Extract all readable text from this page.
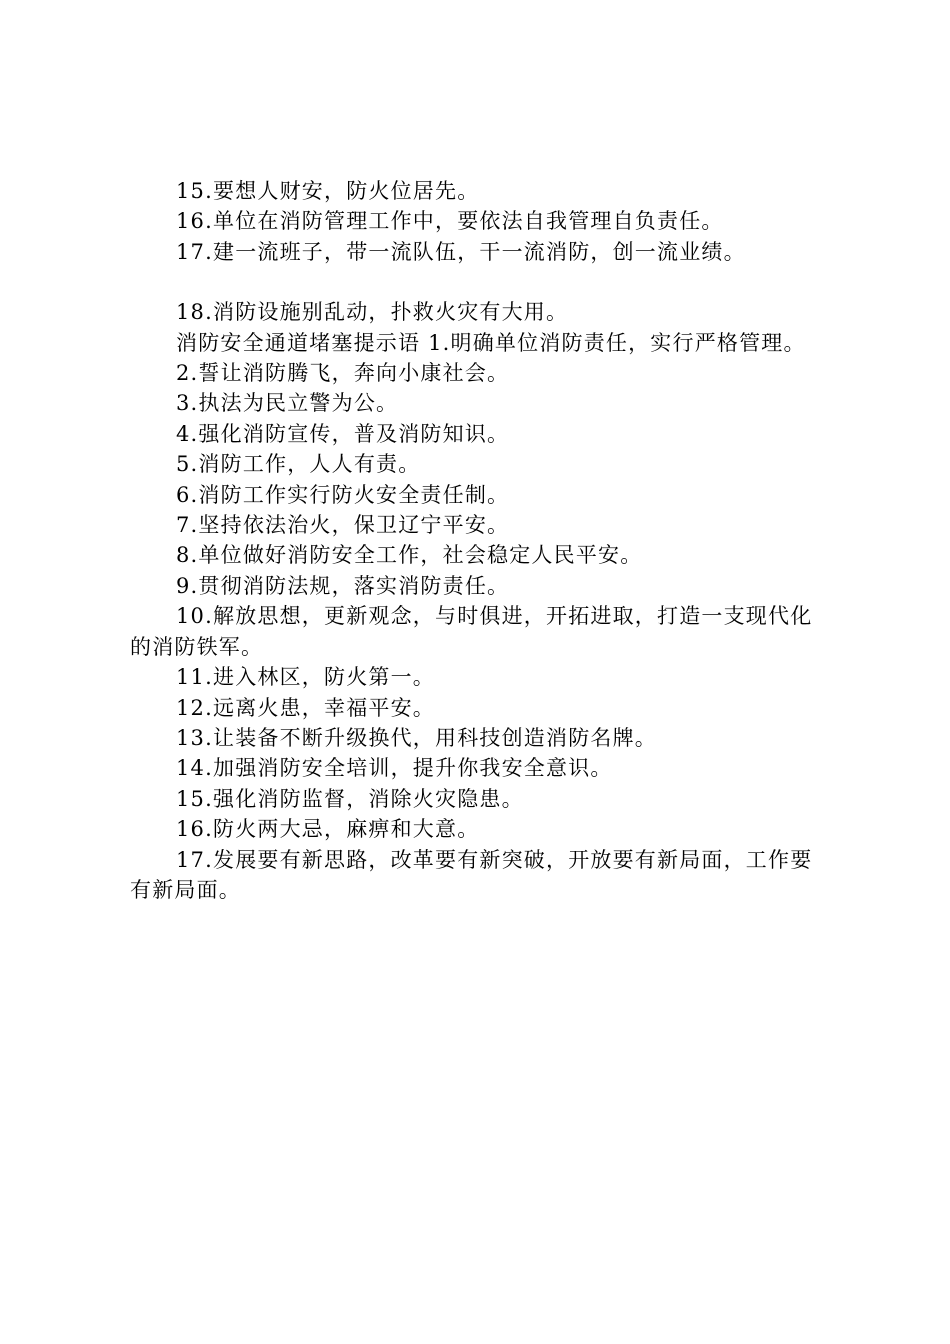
15.要想人财安，防火位居先。

16.单位在消防管理工作中，要依法自我管理自负责任。

17.建一流班子，带一流队伍，干一流消防，创一流业绩。

18.消防设施别乱动，扑救火灾有大用。

消防安全通道堵塞提示语 1.明确单位消防责任，实行严格管理。

2.誓让消防腾飞，奔向小康社会。

3.执法为民立警为公。

4.强化消防宣传，普及消防知识。

5.消防工作，人人有责。

6.消防工作实行防火安全责任制。

7.坚持依法治火，保卫辽宁平安。

8.单位做好消防安全工作，社会稳定人民平安。

9.贯彻消防法规，落实消防责任。

10.解放思想，更新观念，与时俱进，开拓进取，打造一支现代化的消防铁军。

11.进入林区，防火第一。

12.远离火患，幸福平安。

13.让装备不断升级换代，用科技创造消防名牌。

14.加强消防安全培训，提升你我安全意识。

15.强化消防监督，消除火灾隐患。

16.防火两大忌，麻痹和大意。

17.发展要有新思路，改革要有新突破，开放要有新局面，工作要有新局面。
